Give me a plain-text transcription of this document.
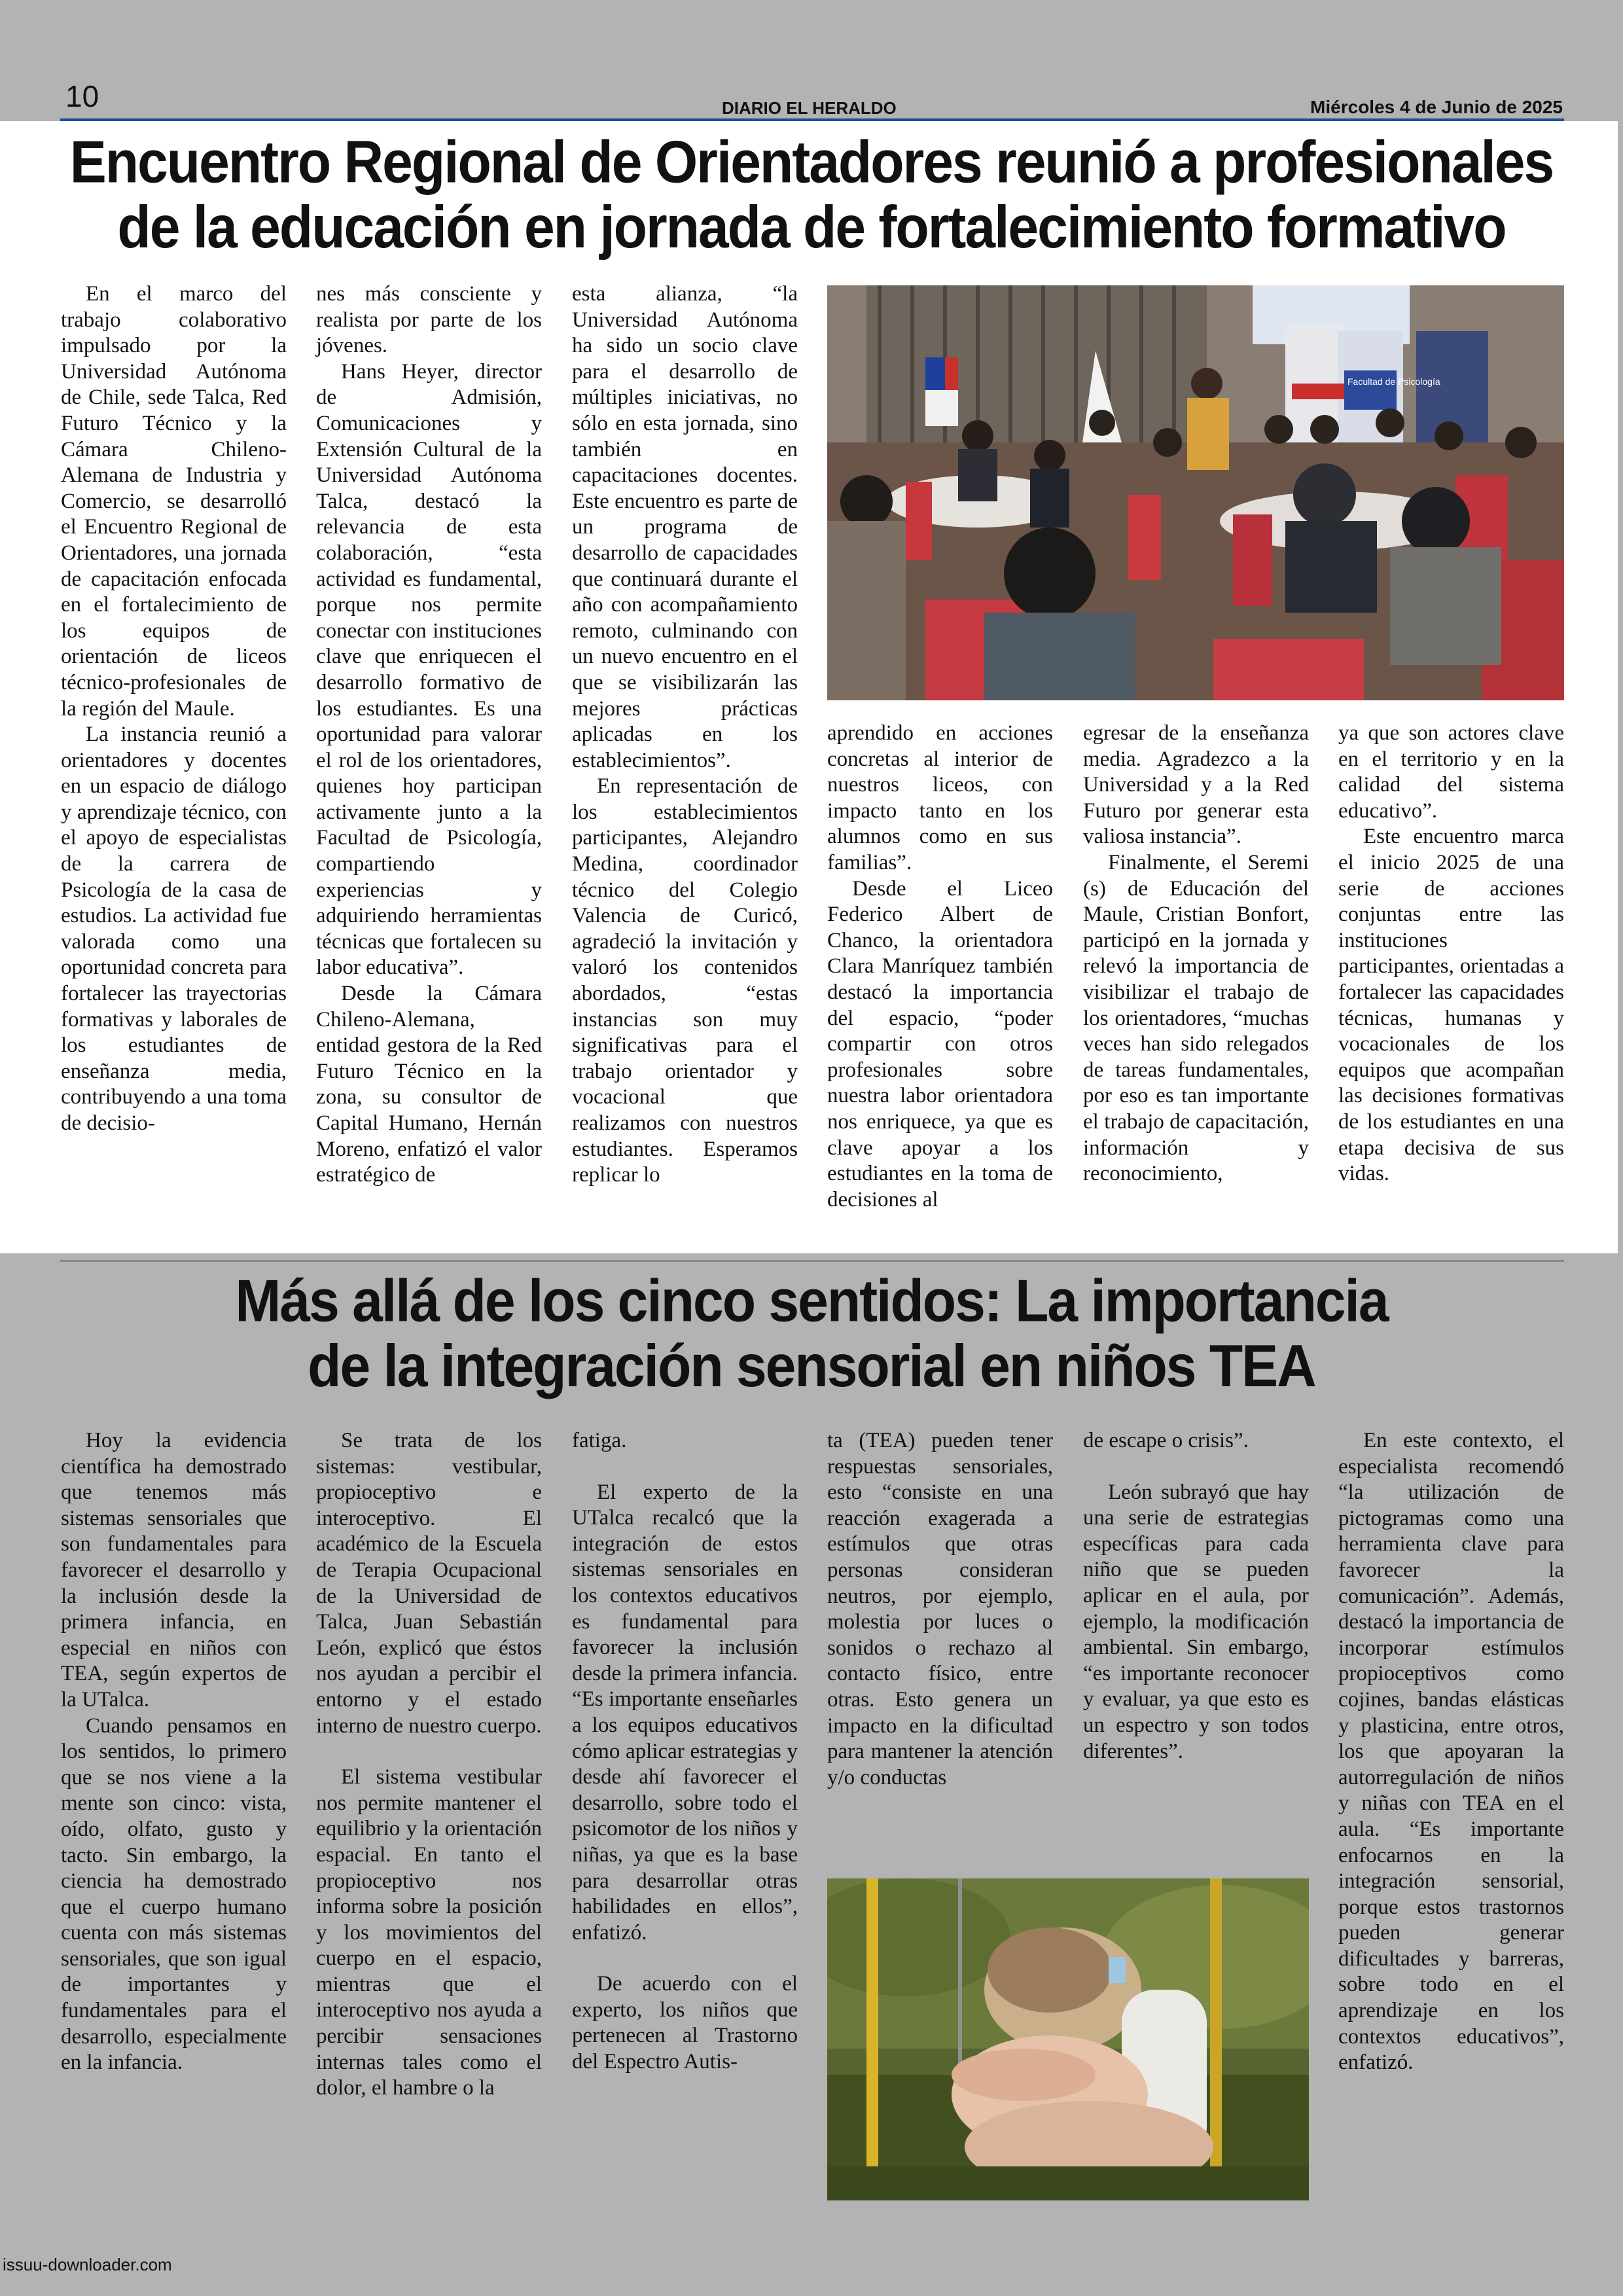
10	DIARIO EL HERALDO	Miércoles 4 de Junio de 2025
Encuentro Regional de Orientadores reunió a profesionales
de la educación en jornada de fortalecimiento formativo

En el marco del trabajo colaborativo impulsado por la Universidad Autónoma de Chile, sede Talca, Red Futuro Técnico y la Cámara Chileno-Alemana de Industria y Comercio, se desarrolló el Encuentro Regional de Orientadores, una jornada de capacitación enfocada en el fortalecimiento de los equipos de orientación de liceos técnico-profesionales de la región del Maule.

La instancia reunió a orientadores y docentes en un espacio de diálogo y aprendizaje técnico, con el apoyo de especialistas de la carrera de Psicología de la casa de estudios. La actividad fue valorada como una oportunidad concreta para fortalecer las trayectorias formativas y laborales de los estudiantes de enseñanza media, contribuyendo a una toma de decisio-

nes más consciente y realista por parte de los jóvenes.

Hans Heyer, director de Admisión, Comunicaciones y Extensión Cultural de la Universidad Autónoma Talca, destacó la relevancia de esta colaboración, “esta actividad es fundamental, porque nos permite conectar con instituciones clave que enriquecen el desarrollo formativo de los estudiantes. Es una oportunidad para valorar el rol de los orientadores, quienes hoy participan activamente junto a la Facultad de Psicología, compartiendo experiencias y adquiriendo herramientas técnicas que fortalecen su labor educativa”.

Desde la Cámara Chileno-Alemana, entidad gestora de la Red Futuro Técnico en la zona, su consultor de Capital Humano, Hernán Moreno, enfatizó el valor estratégico de

esta alianza, “la Universidad Autónoma ha sido un socio clave para el desarrollo de múltiples iniciativas, no sólo en esta jornada, sino también en capacitaciones docentes. Este encuentro es parte de un programa de desarrollo de capacidades que continuará durante el año con acompañamiento remoto, culminando con un nuevo encuentro en el que se visibilizarán las mejores prácticas aplicadas en los establecimientos”.

En representación de los establecimientos participantes, Alejandro Medina, coordinador técnico del Colegio Valencia de Curicó, agradeció la invitación y valoró los contenidos abordados, “estas instancias son muy significativas para el trabajo orientador y vocacional que realizamos con nuestros estudiantes. Esperamos replicar lo

Facultad de Psicología

aprendido en acciones concretas al interior de nuestros liceos, con impacto tanto en los alumnos como en sus familias”.

Desde el Liceo Federico Albert de Chanco, la orientadora Clara Manríquez también destacó la importancia del espacio, “poder compartir con otros profesionales sobre nuestra labor orientadora nos enriquece, ya que es clave apoyar a los estudiantes en la toma de decisiones al

egresar de la enseñanza media. Agradezco a la Universidad y a la Red Futuro por generar esta valiosa instancia”.

Finalmente, el Seremi (s) de Educación del Maule, Cristian Bonfort, participó en la jornada y relevó la importancia de visibilizar el trabajo de los orientadores, “muchas veces han sido relegados de tareas fundamentales, por eso es tan importante el trabajo de capacitación, información y reconocimiento,

ya que son actores clave en el territorio y en la calidad del sistema educativo”.

Este encuentro marca el inicio 2025 de una serie de acciones conjuntas entre las instituciones participantes, orientadas a fortalecer las capacidades técnicas, humanas y vocacionales de los equipos que acompañan las decisiones formativas de los estudiantes en una etapa decisiva de sus vidas.

Más allá de los cinco sentidos: La importancia
de la integración sensorial en niños TEA

Hoy la evidencia científica ha demostrado que tenemos más sistemas sensoriales que son fundamentales para favorecer el desarrollo y la inclusión desde la primera infancia, en especial en niños con TEA, según expertos de la UTalca.

Cuando pensamos en los sentidos, lo primero que se nos viene a la mente son cinco: vista, oído, olfato, gusto y tacto. Sin embargo, la ciencia ha demostrado que el cuerpo humano cuenta con más sistemas sensoriales, que son igual de importantes y fundamentales para el desarrollo, especialmente en la infancia.

Se trata de los sistemas: vestibular, propioceptivo e interoceptivo. El académico de la Escuela de Terapia Ocupacional de la Universidad de Talca, Juan Sebastián León, explicó que éstos nos ayudan a percibir el entorno y el estado interno de nuestro cuerpo.

El sistema vestibular nos permite mantener el equilibrio y la orientación espacial. En tanto el propioceptivo nos informa sobre la posición y los movimientos del cuerpo en el espacio, mientras que el interoceptivo nos ayuda a percibir sensaciones internas tales como el dolor, el hambre o la

fatiga.

El experto de la UTalca recalcó que la integración de estos sistemas sensoriales en los contextos educativos es fundamental para favorecer la inclusión desde la primera infancia. “Es importante enseñarles a los equipos educativos cómo aplicar estrategias y desde ahí favorecer el desarrollo, sobre todo el psicomotor de los niños y niñas, ya que es la base para desarrollar otras habilidades en ellos”, enfatizó.

De acuerdo con el experto, los niños que pertenecen al Trastorno del Espectro Autis-

ta (TEA) pueden tener respuestas sensoriales, esto “consiste en una reacción exagerada a estímulos que otras personas consideran neutros, por ejemplo, molestia por luces o sonidos o rechazo al contacto físico, entre otras. Esto genera un impacto en la dificultad para mantener la atención y/o conductas

de escape o crisis”.

León subrayó que hay una serie de estrategias específicas para cada niño que se pueden aplicar en el aula, por ejemplo, la modificación ambiental. Sin embargo, “es importante reconocer y evaluar, ya que esto es un espectro y son todos diferentes”.

En este contexto, el especialista recomendó “la utilización de pictogramas como una herramienta clave para favorecer la comunicación”. Además, destacó la importancia de incorporar estímulos propioceptivos como cojines, bandas elásticas y plasticina, entre otros, los que apoyaran la autorregulación de niños y niñas con TEA en el aula. “Es importante enfocarnos en la integración sensorial, porque estos trastornos pueden generar dificultades y barreras, sobre todo en el aprendizaje en los contextos educativos”, enfatizó.

issuu-downloader.com
